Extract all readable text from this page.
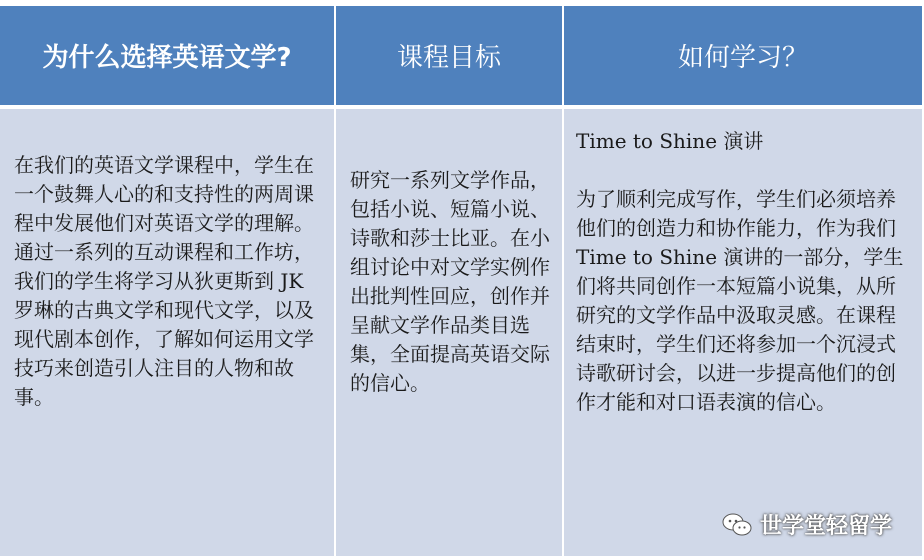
为什么选择英语文学?	课程目标	如何学习？
在我们的英语文学课程中，学生在一个鼓舞人心的和支持性的两周课程中发展他们对英语文学的理解。通过一系列的互动课程和工作坊，我们的学生将学习从狄更斯到 JK 罗琳的古典文学和现代文学，以及现代剧本创作，了解如何运用文学技巧来创造引人注目的人物和故事。
研究一系列文学作品，包括小说、短篇小说、诗歌和莎士比亚。在小组讨论中对文学实例作出批判性回应，创作并呈献文学作品类目选集，全面提高英语交际的信心。
Time to Shine 演讲
为了顺利完成写作，学生们必须培养他们的创造力和协作能力，作为我们 Time to Shine 演讲的一部分，学生们将共同创作一本短篇小说集，从所研究的文学作品中汲取灵感。在课程结束时，学生们还将参加一个沉浸式诗歌研讨会，以进一步提高他们的创作才能和对口语表演的信心。
世学堂轻留学
